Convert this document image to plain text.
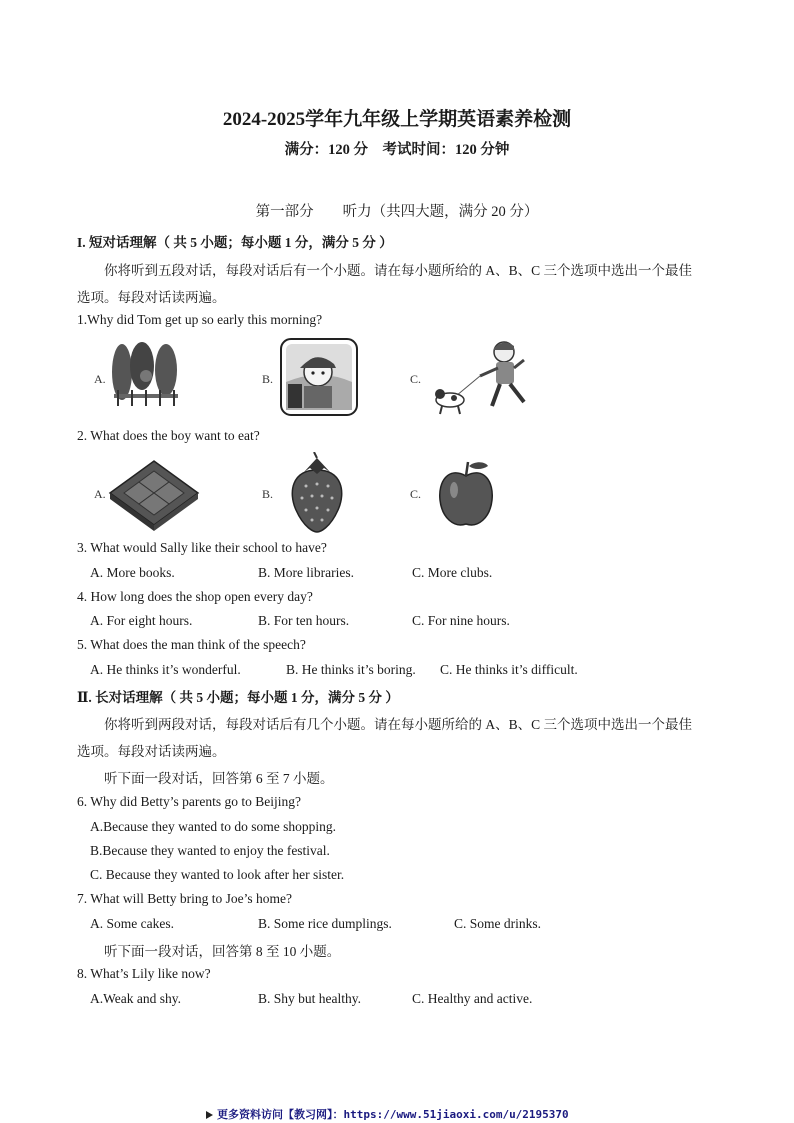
2024-2025学年九年级上学期英语素养检测
满分：120 分　考试时间：120 分钟
第一部分　　听力（共四大题，满分 20 分）
I. 短对话理解（ 共 5 小题；每小题 1 分，满分 5 分 ）
你将听到五段对话，每段对话后有一个小题。请在每小题所给的 A、B、C 三个选项中选出一个最佳
选项。每段对话读两遍。
1.Why did Tom get up so early this morning?
A.	B.	C.
2. What does the boy want to eat?
A.	B.	C.
3. What would Sally like their school to have?
A. More books.	B. More libraries.	C. More clubs.
4. How long does the shop open every day?
A. For eight hours.	B. For ten hours.	C. For nine hours.
5. What does the man think of the speech?
A. He thinks it’s wonderful.	B. He thinks it’s boring. C. He thinks it’s difficult.
Ⅱ. 长对话理解（ 共 5 小题；每小题 1 分，满分 5 分 ）
你将听到两段对话，每段对话后有几个小题。请在每小题所给的 A、B、C 三个选项中选出一个最佳
选项。每段对话读两遍。
听下面一段对话，回答第 6 至 7 小题。
6. Why did Betty’s parents go to Beijing?
A.Because they wanted to do some shopping.
B.Because they wanted to enjoy the festival.
C. Because they wanted to look after her sister.
7. What will Betty bring to Joe’s home?
A. Some cakes.	B. Some rice dumplings.	C. Some drinks.
听下面一段对话，回答第 8 至 10 小题。
8. What’s Lily like now?
A.Weak and shy.	B. Shy but healthy.	C. Healthy and active.
更多资料访问【教习网】：https://www.51jiaoxi.com/u/2195370
